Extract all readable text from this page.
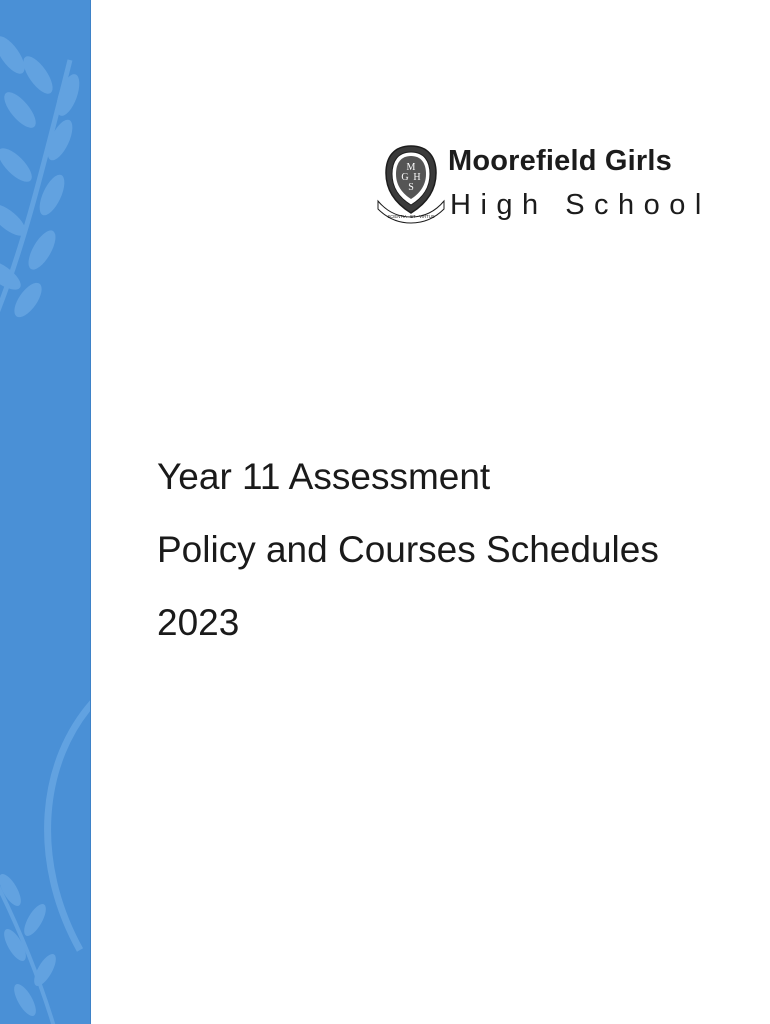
M
G H
S
SCIENTIA · ET · VIRTUS
Moorefield Girls
High School
Year 11 Assessment
Policy and Courses Schedules
2023
